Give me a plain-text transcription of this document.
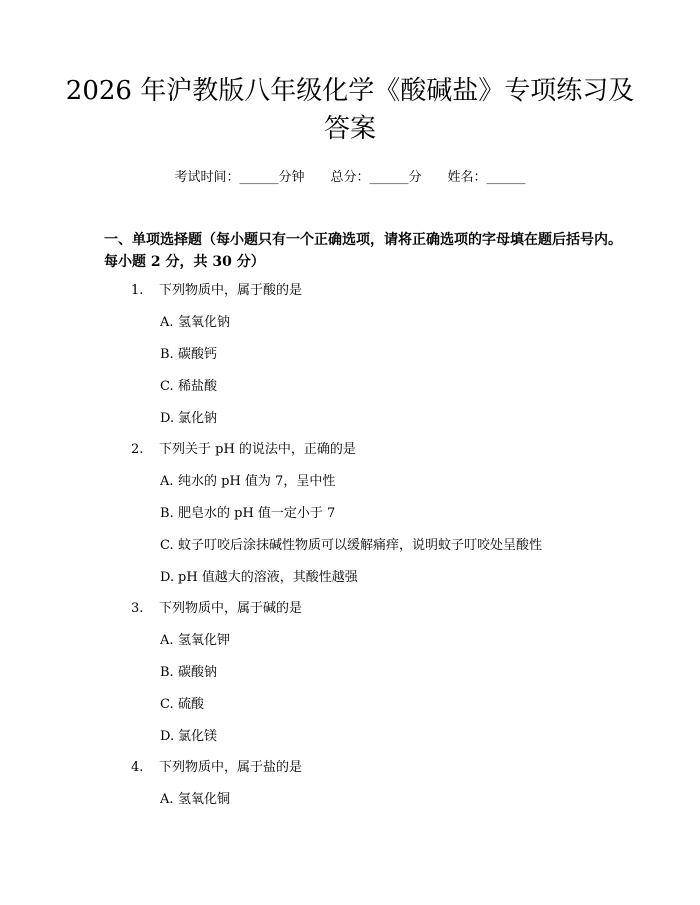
2026 年沪教版八年级化学《酸碱盐》专项练习及答案
考试时间：______分钟 总分：______分 姓名：______

一、单项选择题（每小题只有一个正确选项，请将正确选项的字母填在题后括号内。每小题 2 分，共 30 分）

1. 下列物质中，属于酸的是
A. 氢氧化钠
B. 碳酸钙
C. 稀盐酸
D. 氯化钠
2. 下列关于 pH 的说法中，正确的是
A. 纯水的 pH 值为 7，呈中性
B. 肥皂水的 pH 值一定小于 7
C. 蚊子叮咬后涂抹碱性物质可以缓解痛痒，说明蚊子叮咬处呈酸性
D. pH 值越大的溶液，其酸性越强
3. 下列物质中，属于碱的是
A. 氢氧化钾
B. 碳酸钠
C. 硫酸
D. 氯化镁
4. 下列物质中，属于盐的是
A. 氢氧化铜
